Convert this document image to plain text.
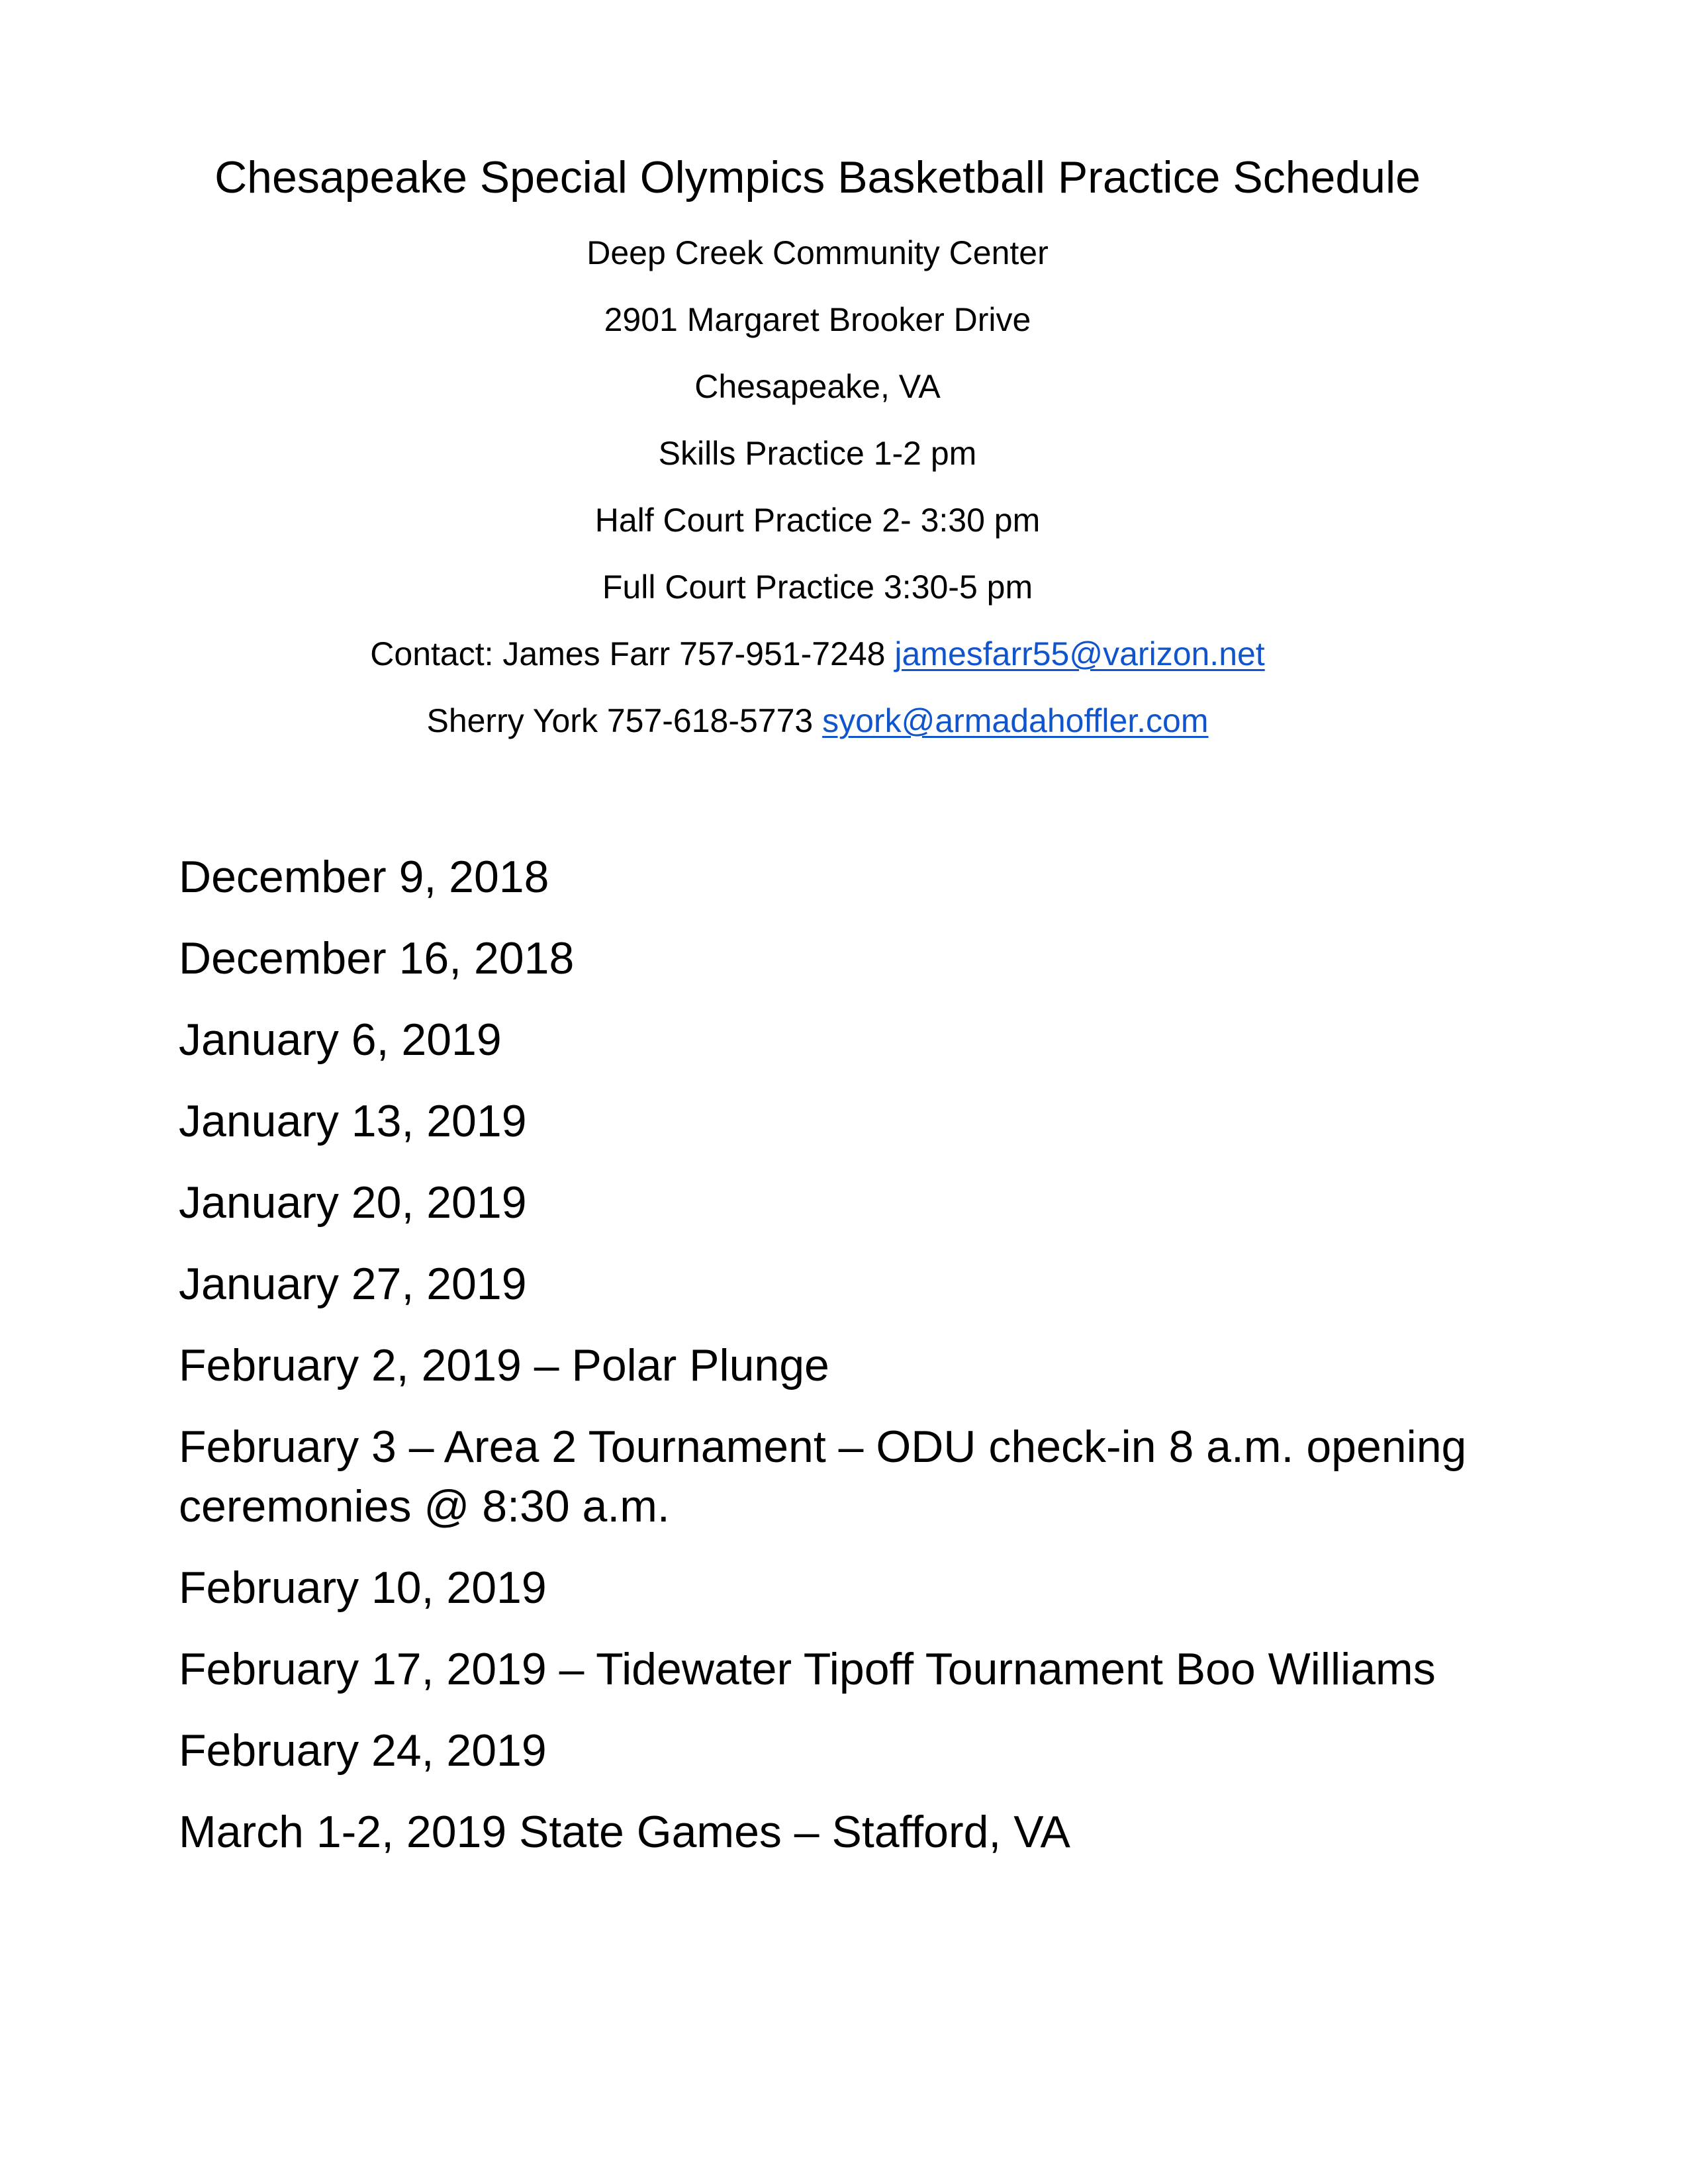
Chesapeake Special Olympics Basketball Practice Schedule
Deep Creek Community Center
2901 Margaret Brooker Drive
Chesapeake, VA
Skills Practice 1-2 pm
Half Court Practice 2- 3:30 pm
Full Court Practice 3:30-5 pm
Contact: James Farr 757-951-7248 jamesfarr55@varizon.net
Sherry York 757-618-5773 syork@armadahoffler.com
December 9, 2018
December 16, 2018
January 6, 2019
January 13, 2019
January 20, 2019
January 27, 2019
February 2, 2019 – Polar Plunge
February 3 – Area 2 Tournament – ODU check-in 8 a.m. opening ceremonies @ 8:30 a.m.
February 10, 2019
February 17, 2019 – Tidewater Tipoff Tournament Boo Williams
February 24, 2019
March 1-2, 2019 State Games – Stafford, VA
